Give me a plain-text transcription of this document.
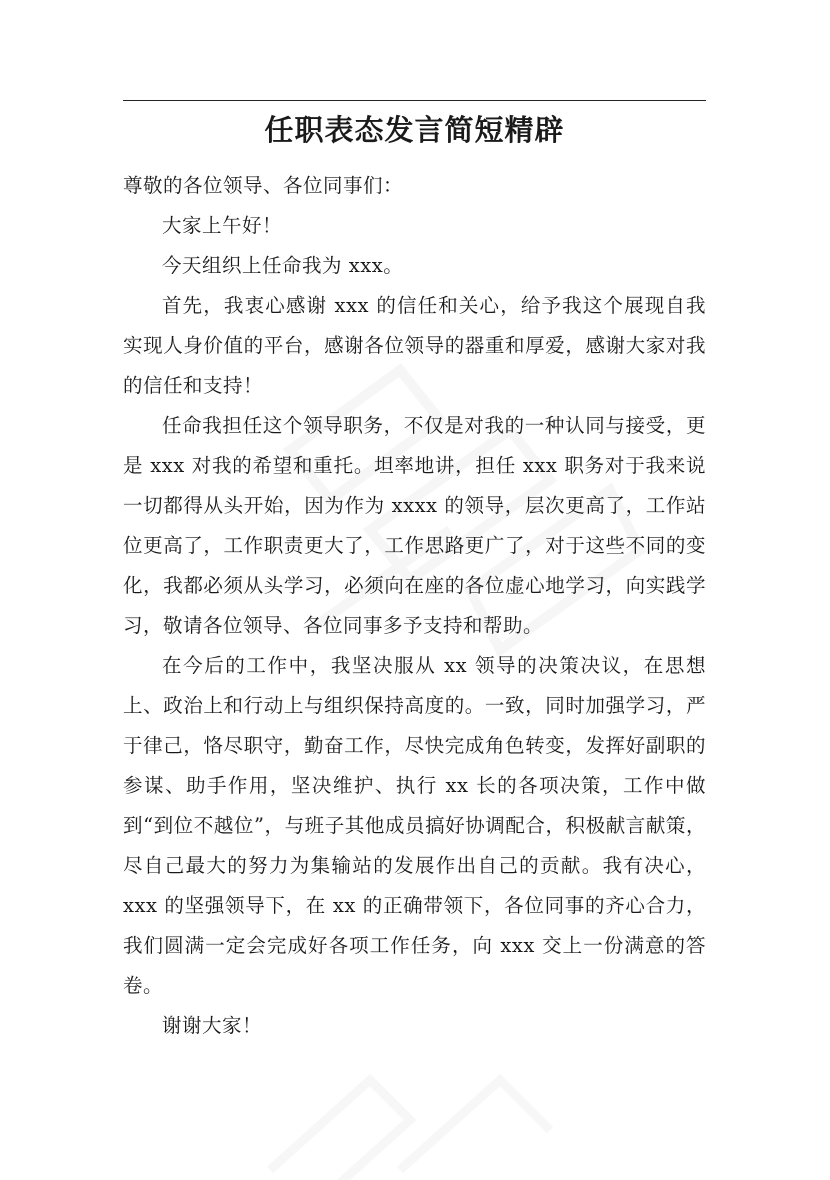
任职表态发言简短精辟

尊敬的各位领导、各位同事们：

大家上午好！

今天组织上任命我为 xxx。

首先，我衷心感谢 xxx 的信任和关心，给予我这个展现自我实现人身价值的平台，感谢各位领导的器重和厚爱，感谢大家对我的信任和支持！

任命我担任这个领导职务，不仅是对我的一种认同与接受，更是 xxx 对我的希望和重托。坦率地讲，担任 xxx 职务对于我来说一切都得从头开始，因为作为 xxxx 的领导，层次更高了，工作站位更高了，工作职责更大了，工作思路更广了，对于这些不同的变化，我都必须从头学习，必须向在座的各位虚心地学习，向实践学习，敬请各位领导、各位同事多予支持和帮助。

在今后的工作中，我坚决服从 xx 领导的决策决议，在思想上、政治上和行动上与组织保持高度的。一致，同时加强学习，严于律己，恪尽职守，勤奋工作，尽快完成角色转变，发挥好副职的参谋、助手作用，坚决维护、执行 xx 长的各项决策，工作中做到“到位不越位”，与班子其他成员搞好协调配合，积极献言献策，尽自己最大的努力为集输站的发展作出自己的贡献。我有决心，xxx 的坚强领导下，在 xx 的正确带领下，各位同事的齐心合力，我们圆满一定会完成好各项工作任务，向 xxx 交上一份满意的答卷。

谢谢大家！
